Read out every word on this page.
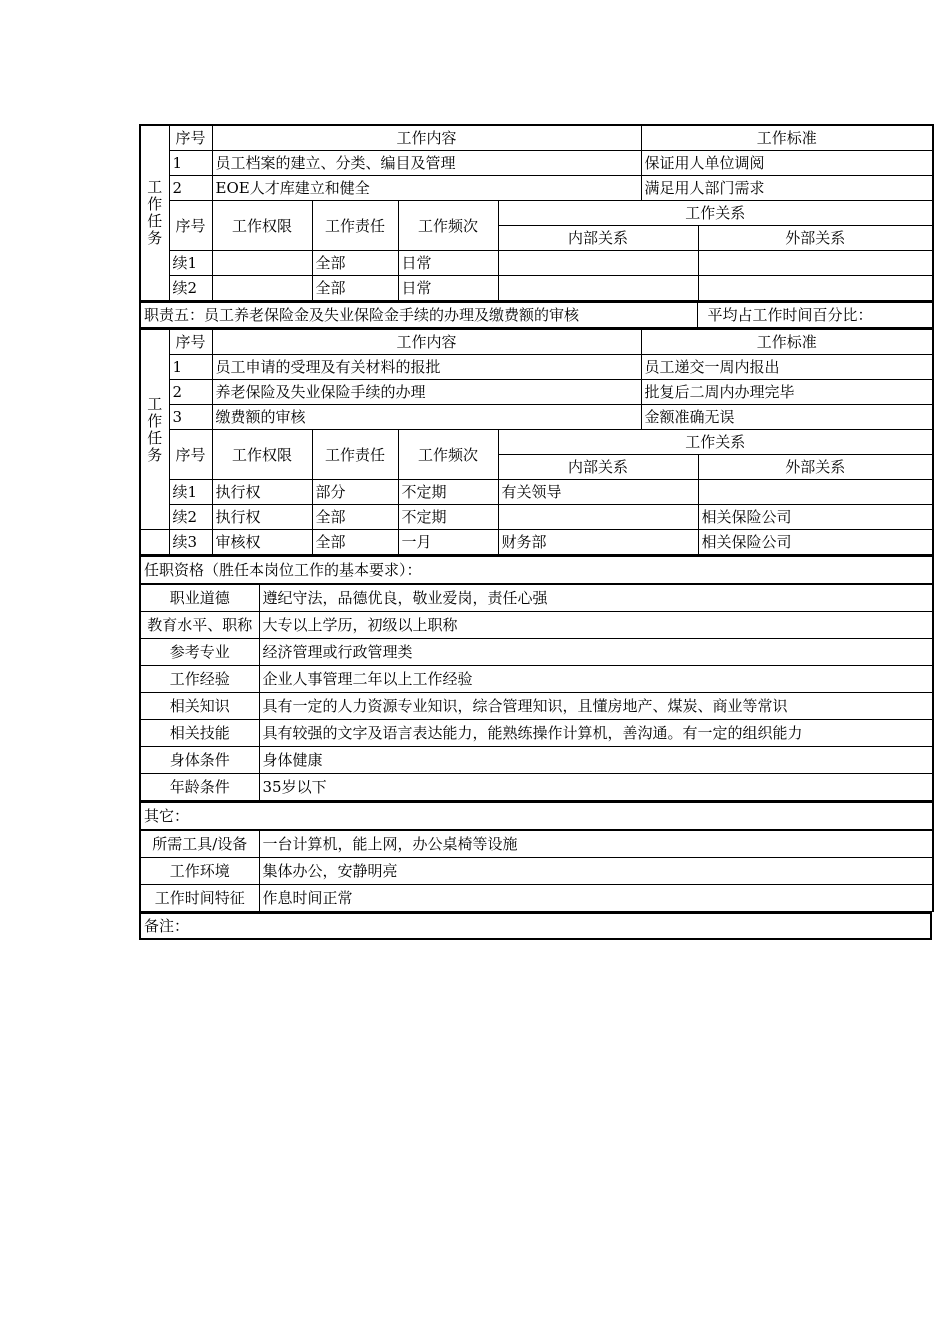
工
作
任
务	序号	工作内容				工作标准	
	1	员工档案的建立、分类、编目及管理				保证用人单位调阅	
	2	EOE人才库建立和健全				满足用人部门需求	
	序号	工作权限	工作责任	工作频次	工作关系		
					内部关系		外部关系
	续1		全部	日常			
	续2		全部	日常			
职责五：员工养老保险金及失业保险金手续的办理及缴费额的审核	平均占工作时间百分比：
工
作
任
务	序号	工作内容				工作标准	
	1	员工申请的受理及有关材料的报批				员工递交一周内报出	
	2	养老保险及失业保险手续的办理				批复后二周内办理完毕	
	3	缴费额的审核				金额准确无误	
	序号	工作权限	工作责任	工作频次	工作关系		
					内部关系		外部关系
	续1	执行权	部分	不定期	有关领导		
	续2	执行权	全部	不定期			相关保险公司
	续3	审核权	全部	一月	财务部		相关保险公司
任职资格（胜任本岗位工作的基本要求）：	
职业道德	遵纪守法，品德优良，敬业爱岗，责任心强
教育水平、职称	大专以上学历，初级以上职称
参考专业	经济管理或行政管理类
工作经验	企业人事管理二年以上工作经验
相关知识	具有一定的人力资源专业知识，综合管理知识，且懂房地产、煤炭、商业等常识
相关技能	具有较强的文字及语言表达能力，能熟练操作计算机，善沟通。有一定的组织能力
身体条件	身体健康
年龄条件	35岁以下
其它：	
所需工具/设备	一台计算机，能上网，办公桌椅等设施
工作环境	集体办公，安静明亮
工作时间特征	作息时间正常
备注：
